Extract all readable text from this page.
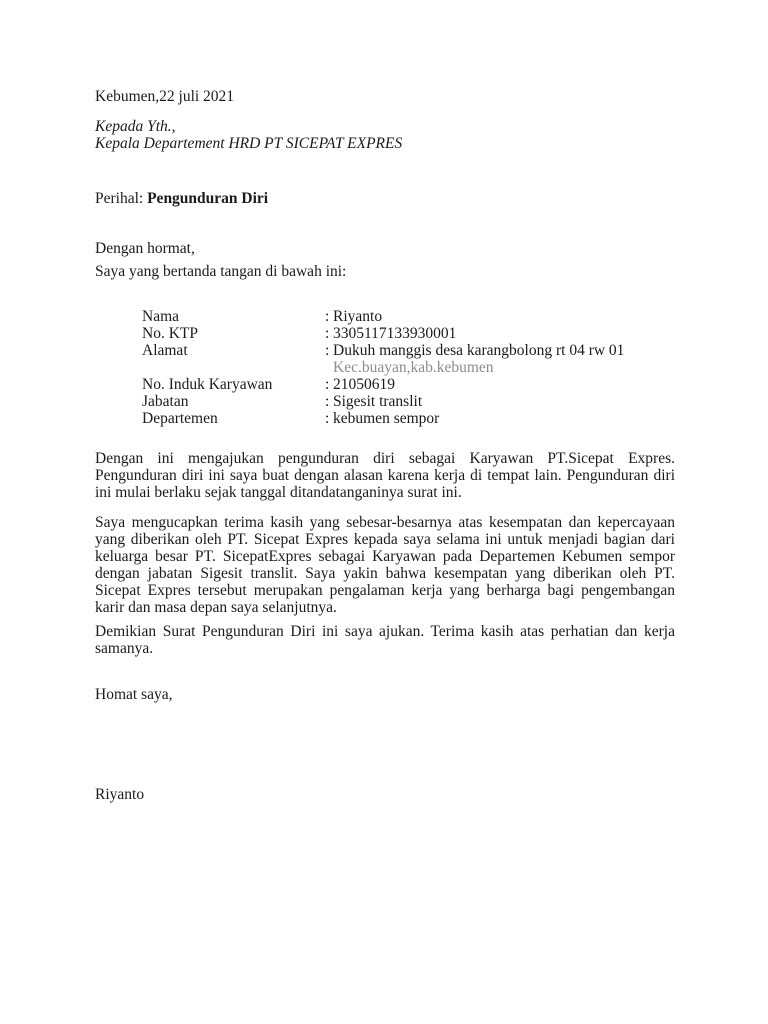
Kebumen,22 juli 2021
Kepada Yth.,
Kepala Departement HRD PT SICEPAT EXPRES
Perihal: Pengunduran Diri
Dengan hormat,
Saya yang bertanda tangan di bawah ini:
Nama	: Riyanto
No. KTP	: 3305117133930001
Alamat	: Dukuh manggis desa karangbolong rt 04 rw 01
Kec.buayan,kab.kebumen
No. Induk Karyawan	: 21050619
Jabatan	: Sigesit translit
Departemen	: kebumen sempor
Dengan ini mengajukan pengunduran diri sebagai Karyawan PT.Sicepat Expres. Pengunduran diri ini saya buat dengan alasan karena kerja di tempat lain. Pengunduran diri ini mulai berlaku sejak tanggal ditandatanganinya surat ini.
Saya mengucapkan terima kasih yang sebesar-besarnya atas kesempatan dan kepercayaan yang diberikan oleh PT. Sicepat Expres kepada saya selama ini untuk menjadi bagian dari keluarga besar PT. SicepatExpres sebagai Karyawan pada Departemen Kebumen sempor dengan jabatan Sigesit translit. Saya yakin bahwa kesempatan yang diberikan oleh PT. Sicepat Expres tersebut merupakan pengalaman kerja yang berharga bagi pengembangan karir dan masa depan saya selanjutnya.
Demikian Surat Pengunduran Diri ini saya ajukan. Terima kasih atas perhatian dan kerja samanya.
Homat saya,
Riyanto
